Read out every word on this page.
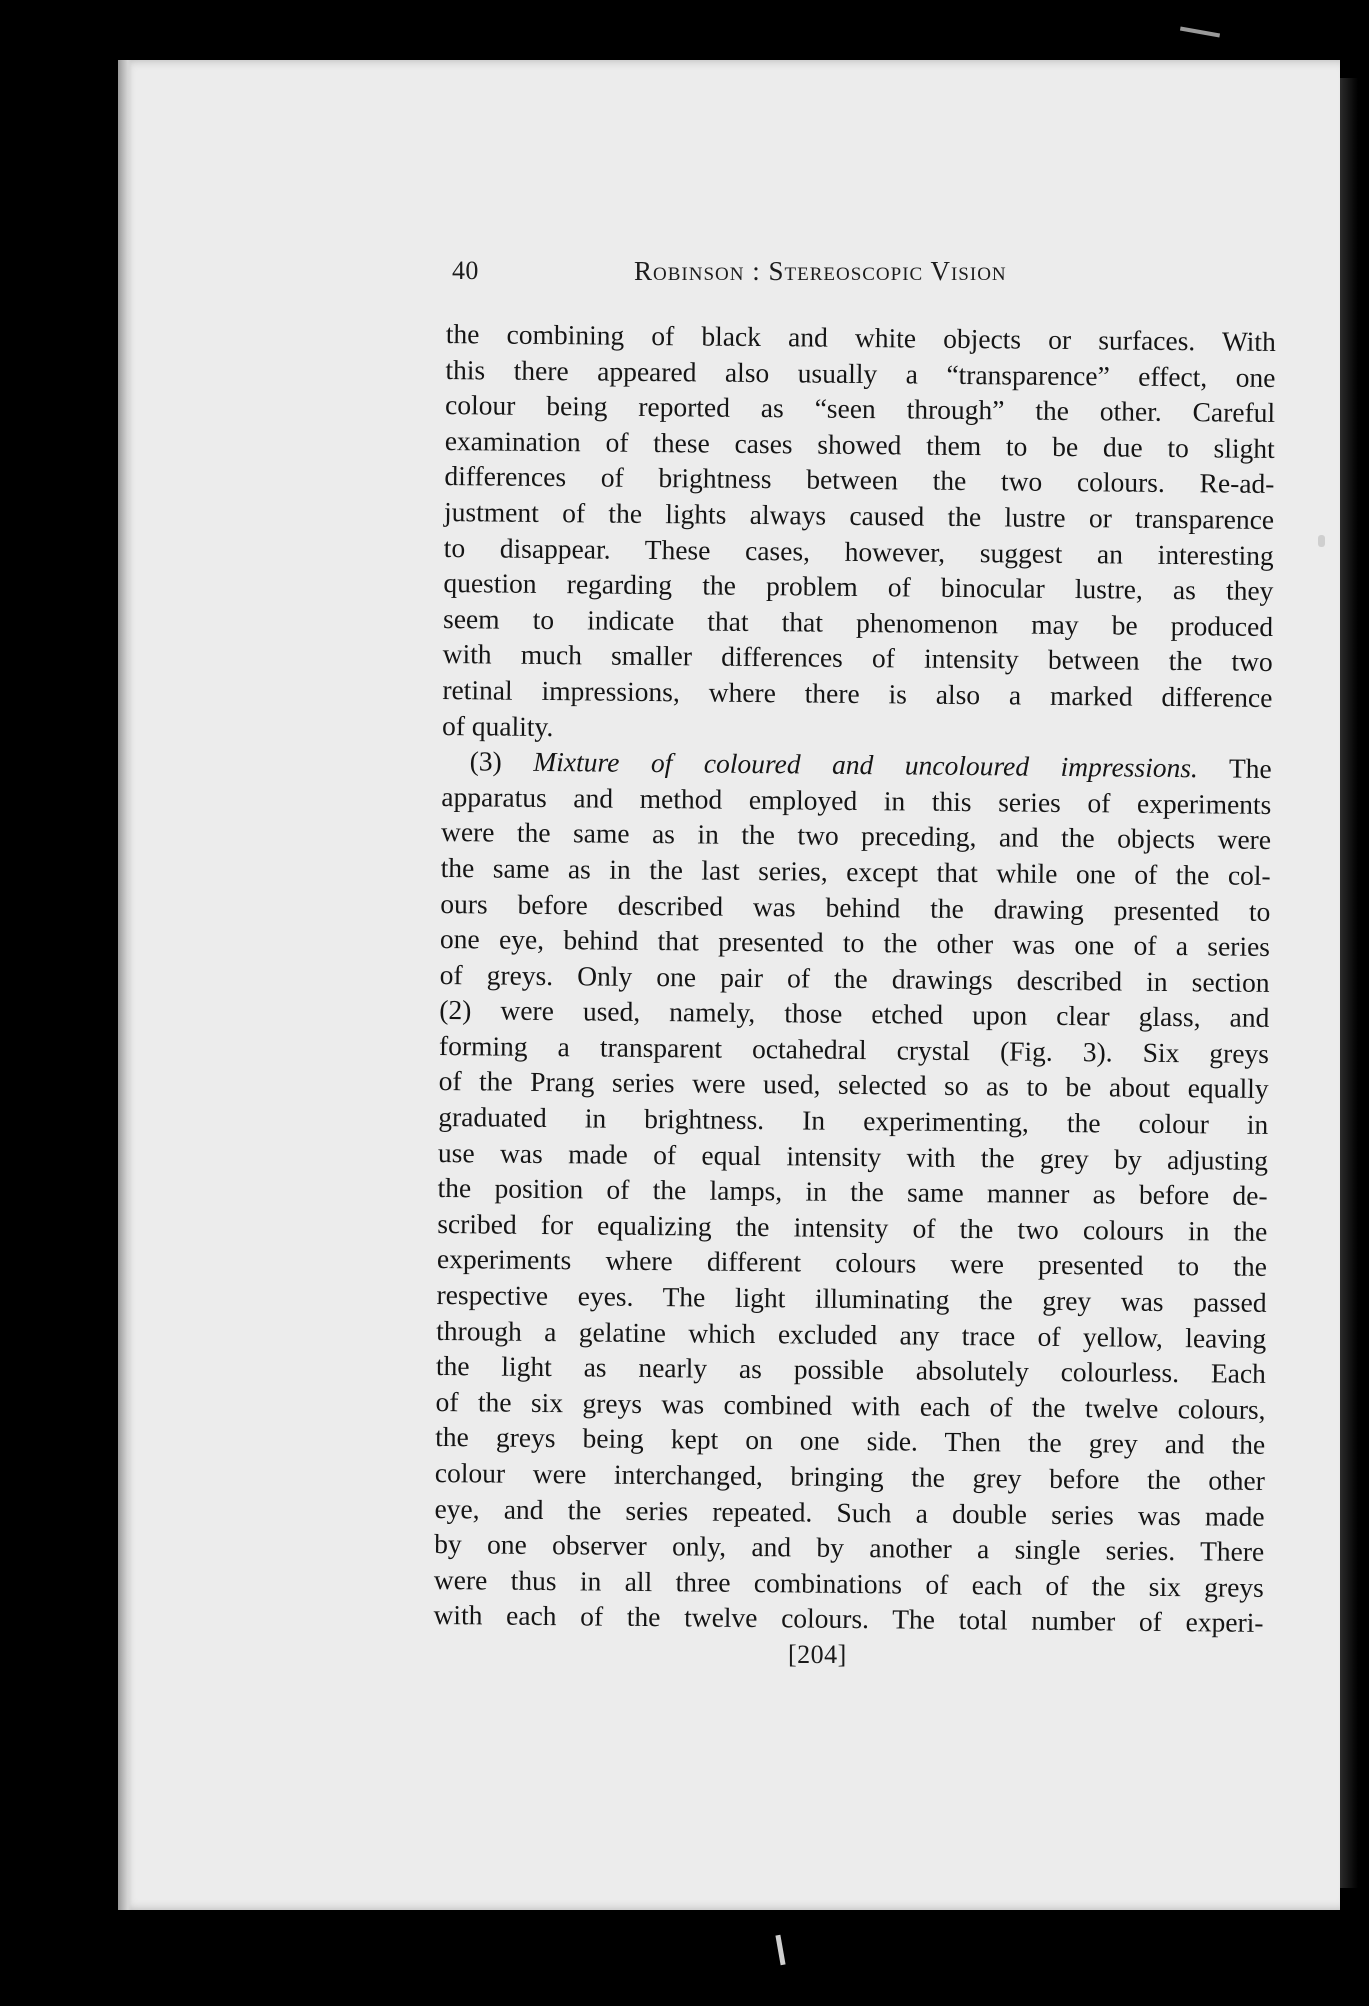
40	Robinson : Stereoscopic Vision

the combining of black and white objects or surfaces. With
this there appeared also usually a “transparence” effect, one
colour being reported as “seen through” the other. Careful
examination of these cases showed them to be due to slight
differences of brightness between the two colours. Re-ad-
justment of the lights always caused the lustre or transparence
to disappear. These cases, however, suggest an interesting
question regarding the problem of binocular lustre, as they
seem to indicate that that phenomenon may be produced
with much smaller differences of intensity between the two
retinal impressions, where there is also a marked difference
of quality.

(3) Mixture of coloured and uncoloured impressions. The
apparatus and method employed in this series of experiments
were the same as in the two preceding, and the objects were
the same as in the last series, except that while one of the col-
ours before described was behind the drawing presented to
one eye, behind that presented to the other was one of a series
of greys. Only one pair of the drawings described in section
(2) were used, namely, those etched upon clear glass, and
forming a transparent octahedral crystal (Fig. 3). Six greys
of the Prang series were used, selected so as to be about equally
graduated in brightness. In experimenting, the colour in
use was made of equal intensity with the grey by adjusting
the position of the lamps, in the same manner as before de-
scribed for equalizing the intensity of the two colours in the
experiments where different colours were presented to the
respective eyes. The light illuminating the grey was passed
through a gelatine which excluded any trace of yellow, leaving
the light as nearly as possible absolutely colourless. Each
of the six greys was combined with each of the twelve colours,
the greys being kept on one side. Then the grey and the
colour were interchanged, bringing the grey before the other
eye, and the series repeated. Such a double series was made
by one observer only, and by another a single series. There
were thus in all three combinations of each of the six greys
with each of the twelve colours. The total number of experi-

[204]
